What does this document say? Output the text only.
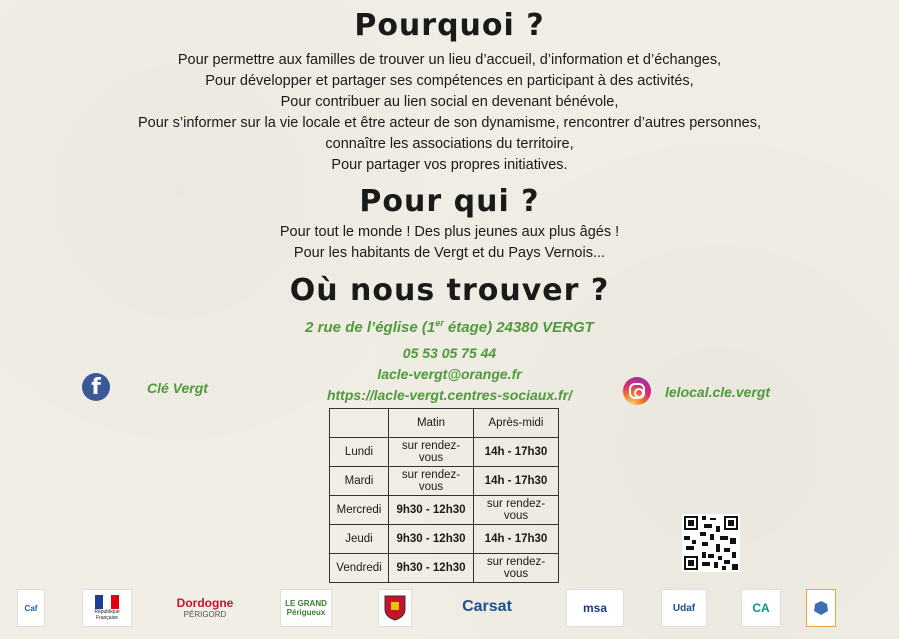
Pourquoi ?

Pour permettre aux familles de trouver un lieu d’accueil, d’information et d’échanges,

Pour développer et partager ses compétences en participant à des activités,

Pour contribuer au lien social en devenant bénévole,

Pour s’informer sur la vie locale et être acteur de son dynamisme, rencontrer d’autres personnes,

connaître les associations du territoire,

Pour partager vos propres initiatives.

Pour qui ?

Pour tout le monde ! Des plus jeunes aux plus âgés !

Pour les habitants de Vergt et du Pays Vernois...

Où nous trouver ?
2 rue de l’église (1er étage) 24380 VERGT
05 53 05 75 44
lacle-vergt@orange.fr
https://lacle-vergt.centres-sociaux.fr/
f	Clé Vergt	lelocal.cle.vergt
	Matin	Après-midi
Lundi	sur rendez-vous	14h - 17h30
Mardi	sur rendez-vous	14h - 17h30
Mercredi	9h30 - 12h30	sur rendez-vous
Jeudi	9h30 - 12h30	14h - 17h30
Vendredi	9h30 - 12h30	sur rendez-vous
Caf	République Française
Dordogne
PÉRIGORD
LE GRAND Périgueux	Carsat	msa	Udaf	CA
